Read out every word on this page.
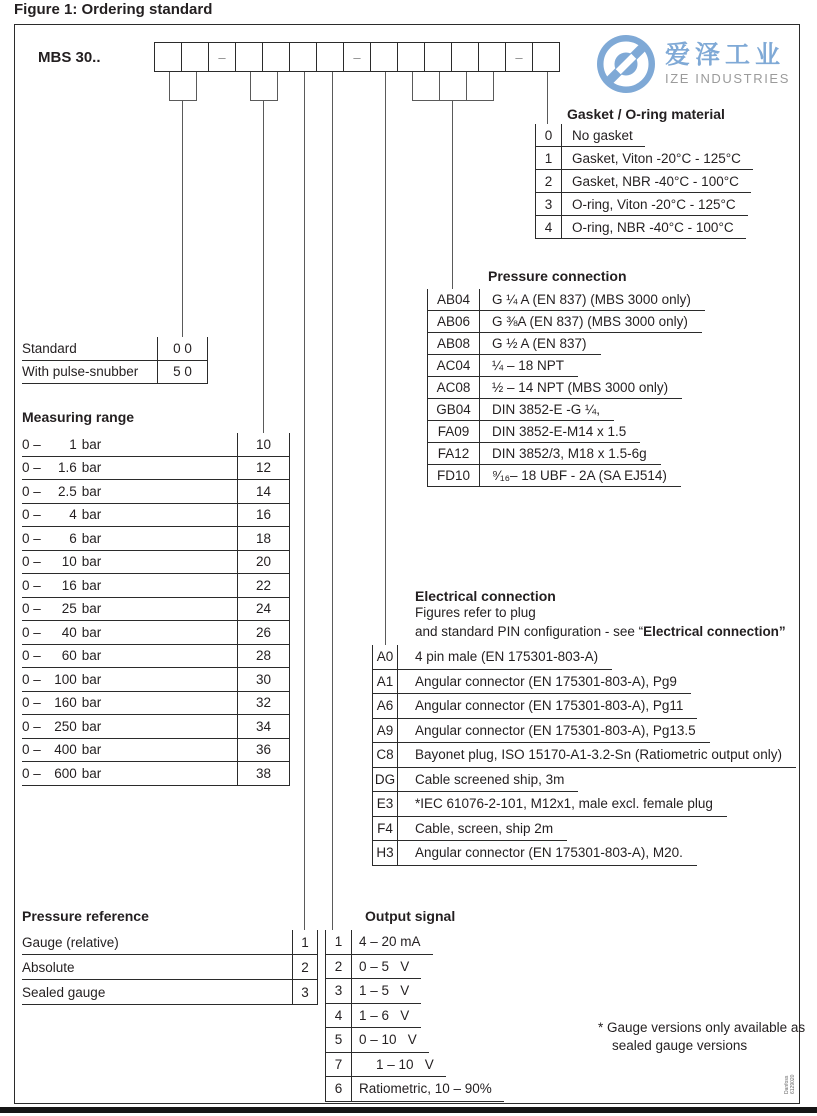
Figure 1: Ordering standard
爱泽工业
IZE INDUSTRIES
MBS 30..	–	–	–
Gasket / O-ring material
Pressure connection
Measuring range
Electrical connection
Pressure reference	Output signal
Figures refer to plug
and standard PIN configuration - see “Electrical connection”
0	No gasket
1	Gasket, Viton -20°C - 125°C
2	Gasket, NBR -40°C - 100°C
3	O-ring, Viton -20°C - 125°C
4	O-ring, NBR -40°C - 100°C
AB04	G ¼ A (EN 837) (MBS 3000 only)
AB06	G ⅜A (EN 837) (MBS 3000 only)
AB08	G ½ A (EN 837)
AC04	¼ – 18 NPT
AC08	½ – 14 NPT (MBS 3000 only)
GB04	DIN 3852-E -G ¼,
FA09	DIN 3852-E-M14 x 1.5
FA12	DIN 3852/3, M18 x 1.5-6g
FD10	⁹⁄₁₆– 18 UBF - 2A (SA EJ514)
Standard	0 0
With pulse-snubber	5 0
0 –	1 bar	10
0 –	1.6 bar	12
0 –	2.5 bar	14
0 –	4 bar	16
0 –	6 bar	18
0 –	10 bar	20
0 –	16 bar	22
0 –	25 bar	24
0 –	40 bar	26
0 –	60 bar	28
0 – 100 bar	30
0 – 160 bar	32
0 – 250 bar	34
0 – 400 bar	36
0 – 600 bar	38
A0	4 pin male (EN 175301-803-A)
A1	Angular connector (EN 175301-803-A), Pg9
A6	Angular connector (EN 175301-803-A), Pg11
A9	Angular connector (EN 175301-803-A), Pg13.5
C8	Bayonet plug, ISO 15170-A1-3.2-Sn (Ratiometric output only)
DG	Cable screened ship, 3m
E3	*IEC 61076-2-101, M12x1, male excl. female plug
F4	Cable, screen, ship 2m
H3	Angular connector (EN 175301-803-A), M20.
Gauge (relative)	1
Absolute	2
Sealed gauge	3
1	4 – 20 mA
2	0 – 5   V
3	1 – 5   V
4	1 – 6   V
5	0 – 10   V
7	1 – 10   V
6	Ratiometric, 10 – 90%
* Gauge versions only available as
sealed gauge versions
Danfoss 6129020
